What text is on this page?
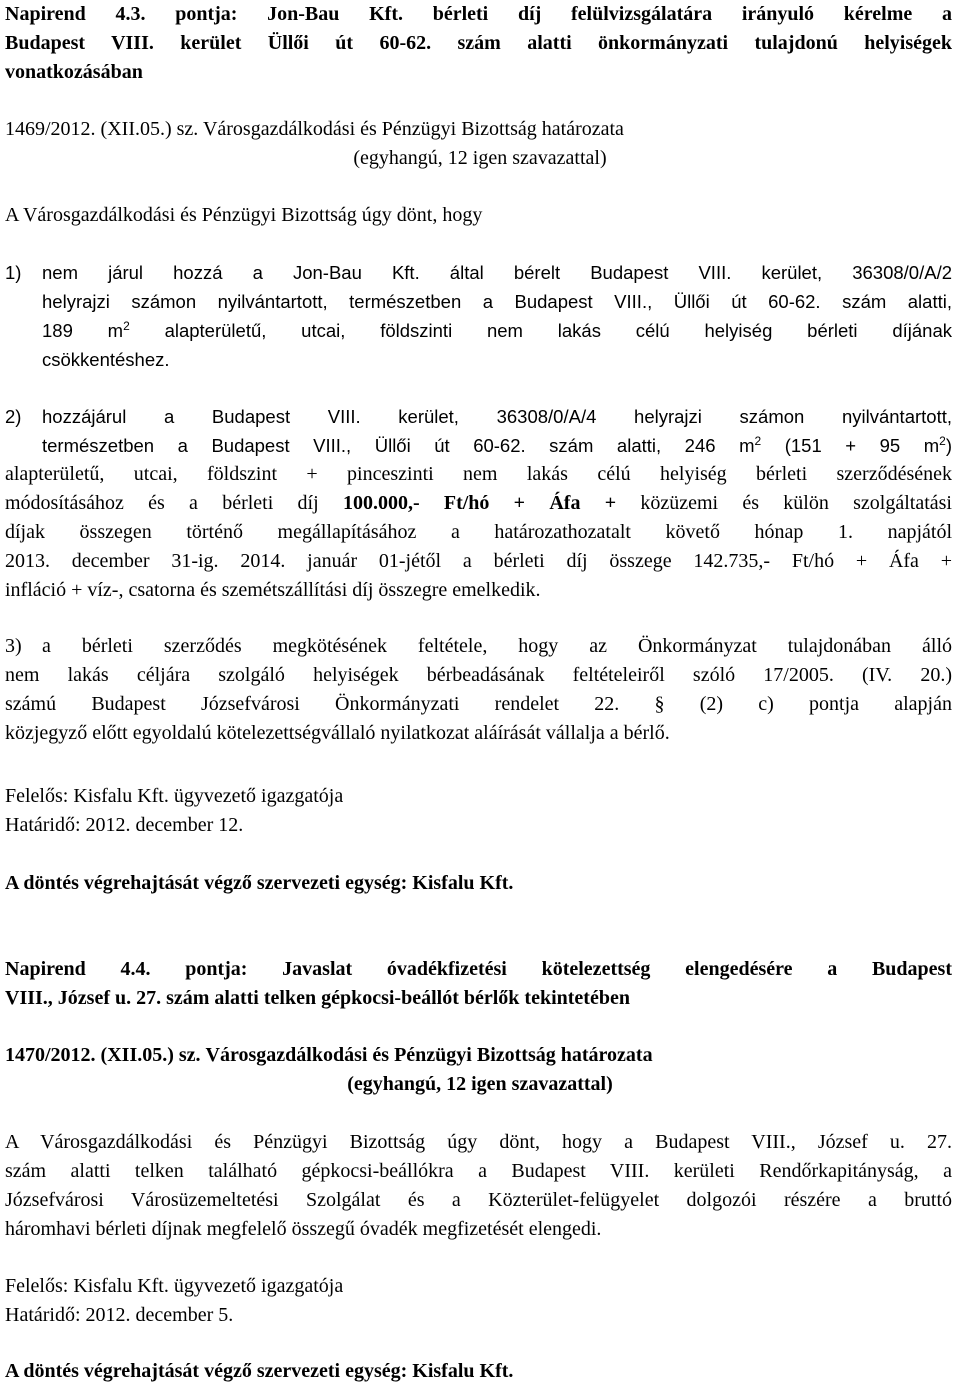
Napirend 4.3. pontja: Jon-Bau Kft. bérleti díj felülvizsgálatára irányuló kérelme a
Budapest VIII. kerület Üllői út 60-62. szám alatti önkormányzati tulajdonú helyiségek
vonatkozásában
1469/2012. (XII.05.) sz. Városgazdálkodási és Pénzügyi Bizottság határozata
(egyhangú, 12 igen szavazattal)
A Városgazdálkodási és Pénzügyi Bizottság úgy dönt, hogy
1) nem járul hozzá a Jon-Bau Kft. által bérelt Budapest VIII. kerület, 36308/0/A/2
helyrajzi számon nyilvántartott, természetben a Budapest VIII., Üllői út 60-62. szám alatti,
189 $m^2$ alapterületű, utcai, földszinti nem lakás célú helyiség bérleti díjának
csökkentéshez.
2) hozzájárul a Budapest VIII. kerület, 36308/0/A/4 helyrajzi számon nyilvántartott,
természetben a Budapest VIII., Üllői út 60-62. szám alatti, 246 $m^2$ (151 + 95 $m^2$)
alapterületű, utcai, földszint + pinceszinti nem lakás célú helyiség bérleti szerződésének
módosításához és a bérleti díj 100.000,- Ft/hó + Áfa + közüzemi és külön szolgáltatási
díjak összegen történő megállapításához a határozathozatalt követő hónap 1. napjától
2013. december 31-ig. 2014. január 01-jétől a bérleti díj összege 142.735,- Ft/hó + Áfa +
infláció + víz-, csatorna és szemétszállítási díj összegre emelkedik.
3) a bérleti szerződés megkötésének feltétele, hogy az Önkormányzat tulajdonában álló
nem lakás céljára szolgáló helyiségek bérbeadásának feltételeiről szóló 17/2005. (IV. 20.)
számú Budapest Józsefvárosi Önkormányzati rendelet 22. § (2) c) pontja alapján
közjegyző előtt egyoldalú kötelezettségvállaló nyilatkozat aláírását vállalja a bérlő.
Felelős: Kisfalu Kft. ügyvezető igazgatója
Határidő: 2012. december 12.
A döntés végrehajtását végző szervezeti egység: Kisfalu Kft.
Napirend 4.4. pontja: Javaslat óvadékfizetési kötelezettség elengedésére a Budapest
VIII., József u. 27. szám alatti telken gépkocsi-beállót bérlők tekintetében
1470/2012. (XII.05.) sz. Városgazdálkodási és Pénzügyi Bizottság határozata
(egyhangú, 12 igen szavazattal)
A Városgazdálkodási és Pénzügyi Bizottság úgy dönt, hogy a Budapest VIII., József u. 27.
szám alatti telken található gépkocsi-beállókra a Budapest VIII. kerületi Rendőrkapitányság, a
Józsefvárosi Városüzemeltetési Szolgálat és a Közterület-felügyelet dolgozói részére a bruttó
háromhavi bérleti díjnak megfelelő összegű óvadék megfizetését elengedi.
Felelős: Kisfalu Kft. ügyvezető igazgatója
Határidő: 2012. december 5.
A döntés végrehajtását végző szervezeti egység: Kisfalu Kft.
